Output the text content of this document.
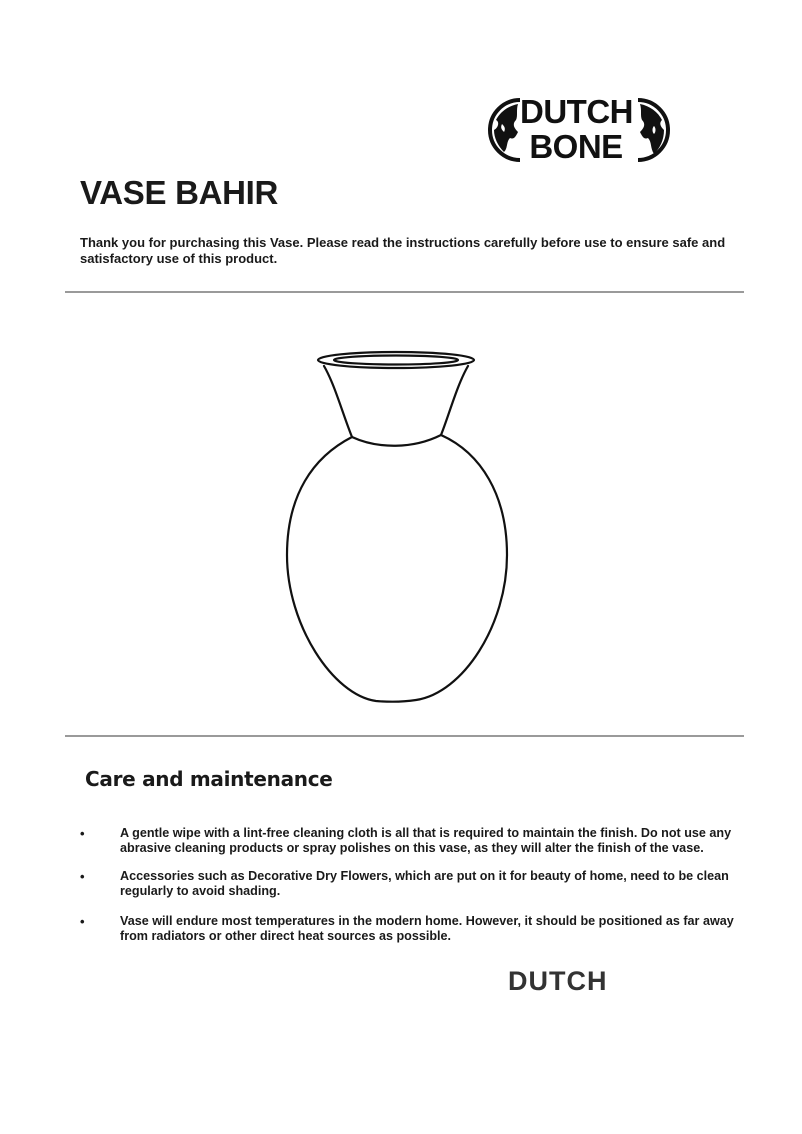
DUTCH
BONE
VASE BAHIR

Thank you for purchasing this Vase. Please read the instructions carefully before use to ensure safe and satisfactory use of this product.

Care and maintenance
•	A gentle wipe with a lint-free cleaning cloth is all that is required to maintain the finish. Do not use any abrasive cleaning products or spray polishes on this vase, as they will alter the finish of the vase.
•	Accessories such as Decorative Dry Flowers, which are put on it for beauty of home, need to be clean regularly to avoid shading.
•	Vase will endure most temperatures in the modern home. However, it should be positioned as far away from radiators or other direct heat sources as possible.
DUTCH
